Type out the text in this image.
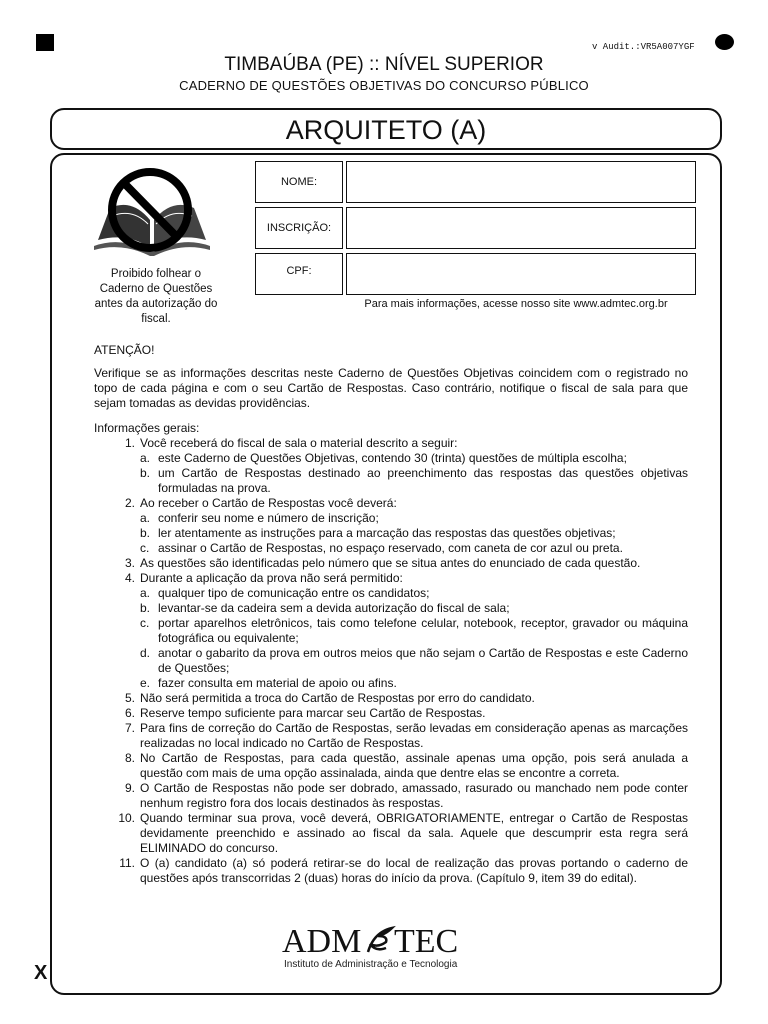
v Audit.:VR5A007YGF
X
TIMBAÚBA (PE) :: NÍVEL SUPERIOR
CADERNO DE QUESTÕES OBJETIVAS DO CONCURSO PÚBLICO
ARQUITETO (A)
Proibido folhear o Caderno de Questões antes da autorização do fiscal.
NOME:
INSCRIÇÃO:
CPF:
Para mais informações, acesse nosso site www.admtec.org.br

ATENÇÃO!

Verifique se as informações descritas neste Caderno de Questões Objetivas coincidem com o registrado no topo de cada página e com o seu Cartão de Respostas. Caso contrário, notifique o fiscal de sala para que sejam tomadas as devidas providências.

Informações gerais:

1. Você receberá do fiscal de sala o material descrito a seguir:
a. este Caderno de Questões Objetivas, contendo 30 (trinta) questões de múltipla escolha;
b. um Cartão de Respostas destinado ao preenchimento das respostas das questões objetivas formuladas na prova.
2. Ao receber o Cartão de Respostas você deverá:
a. conferir seu nome e número de inscrição;
b. ler atentamente as instruções para a marcação das respostas das questões objetivas;
c. assinar o Cartão de Respostas, no espaço reservado, com caneta de cor azul ou preta.
3. As questões são identificadas pelo número que se situa antes do enunciado de cada questão.
4. Durante a aplicação da prova não será permitido:
a. qualquer tipo de comunicação entre os candidatos;
b. levantar-se da cadeira sem a devida autorização do fiscal de sala;
c. portar aparelhos eletrônicos, tais como telefone celular, notebook, receptor, gravador ou máquina fotográfica ou equivalente;
d. anotar o gabarito da prova em outros meios que não sejam o Cartão de Respostas e este Caderno de Questões;
e. fazer consulta em material de apoio ou afins.
5. Não será permitida a troca do Cartão de Respostas por erro do candidato.
6. Reserve tempo suficiente para marcar seu Cartão de Respostas.
7. Para fins de correção do Cartão de Respostas, serão levadas em consideração apenas as marcações realizadas no local indicado no Cartão de Respostas.
8. No Cartão de Respostas, para cada questão, assinale apenas uma opção, pois será anulada a questão com mais de uma opção assinalada, ainda que dentre elas se encontre a correta.
9. O Cartão de Respostas não pode ser dobrado, amassado, rasurado ou manchado nem pode conter nenhum registro fora dos locais destinados às respostas.
10. Quando terminar sua prova, você deverá, OBRIGATORIAMENTE, entregar o Cartão de Respostas devidamente preenchido e assinado ao fiscal da sala. Aquele que descumprir esta regra será ELIMINADO do concurso.
11. O (a) candidato (a) só poderá retirar-se do local de realização das provas portando o caderno de questões após transcorridas 2 (duas) horas do início da prova. (Capítulo 9, item 39 do edital).
ADM TEC
Instituto de Administração e Tecnologia
